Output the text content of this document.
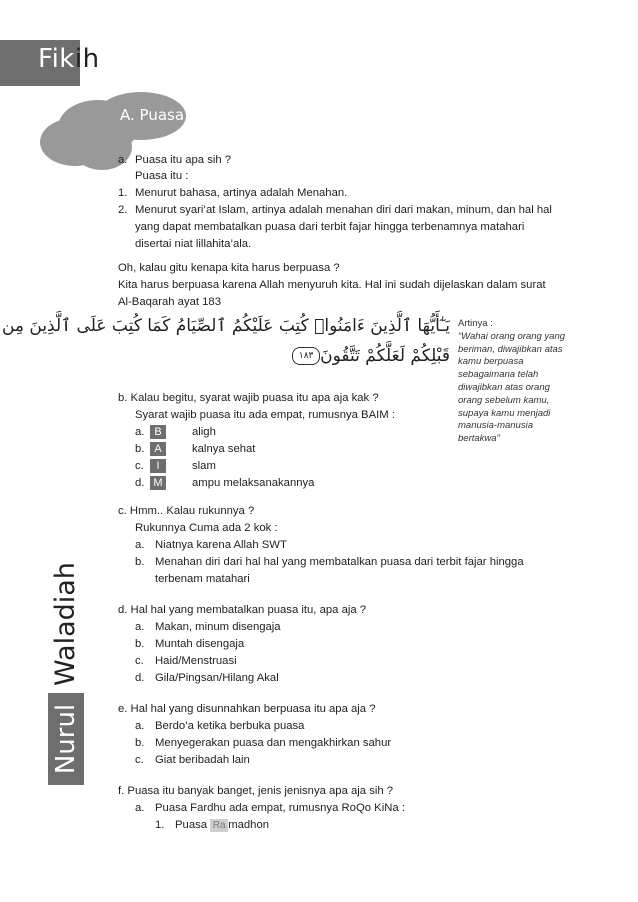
Fikih
A. Puasa
Nurul
Waladiah
a. Puasa itu apa sih ?
Puasa itu :
1. Menurut bahasa, artinya adalah Menahan.
2. Menurut syari’at Islam, artinya adalah menahan diri dari makan, minum, dan hal hal
yang dapat membatalkan puasa dari terbit fajar hingga terbenamnya matahari
disertai niat lillahita’ala.
Oh, kalau gitu kenapa kita harus berpuasa ?
Kita harus berpuasa karena Allah menyuruh kita. Hal ini sudah dijelaskan dalam surat
Al-Baqarah ayat 183
يَـٰٓأَيُّهَا ٱلَّذِينَ ءَامَنُوا۟ كُتِبَ عَلَيْكُمُ ٱلصِّيَامُ كَمَا كُتِبَ عَلَى ٱلَّذِينَ مِن
قَبْلِكُمْ لَعَلَّكُمْ تَتَّقُونَ١٨٣
Artinya :
“Wahai orang orang yang
beriman, diwajibkan atas
kamu berpuasa
sebagaimana telah
diwajibkan atas orang
orang sebelum kamu,
supaya kamu menjadi
manusia-manusia
bertakwa”
b. Kalau begitu, syarat wajib puasa itu apa aja kak ?
Syarat wajib puasa itu ada empat, rumusnya BAIM :
a. B	aligh
b. A	kalnya sehat
c.	I	slam
d. M	ampu melaksanakannya
c. Hmm.. Kalau rukunnya ?
Rukunnya Cuma ada 2 kok :
a. Niatnya karena Allah SWT
b. Menahan diri dari hal hal yang membatalkan puasa dari terbit fajar hingga
terbenam matahari
d. Hal hal yang membatalkan puasa itu, apa aja ?
a. Makan, minum disengaja
b. Muntah disengaja
c. Haid/Menstruasi
d. Gila/Pingsan/Hilang Akal
e. Hal hal yang disunnahkan berpuasa itu apa aja ?
a. Berdo’a ketika berbuka puasa
b. Menyegerakan puasa dan mengakhirkan sahur
c. Giat beribadah lain
f. Puasa itu banyak banget, jenis jenisnya apa aja sih ?
a. Puasa Fardhu ada empat, rumusnya RoQo KiNa :
1. Puasa Ra madhon
